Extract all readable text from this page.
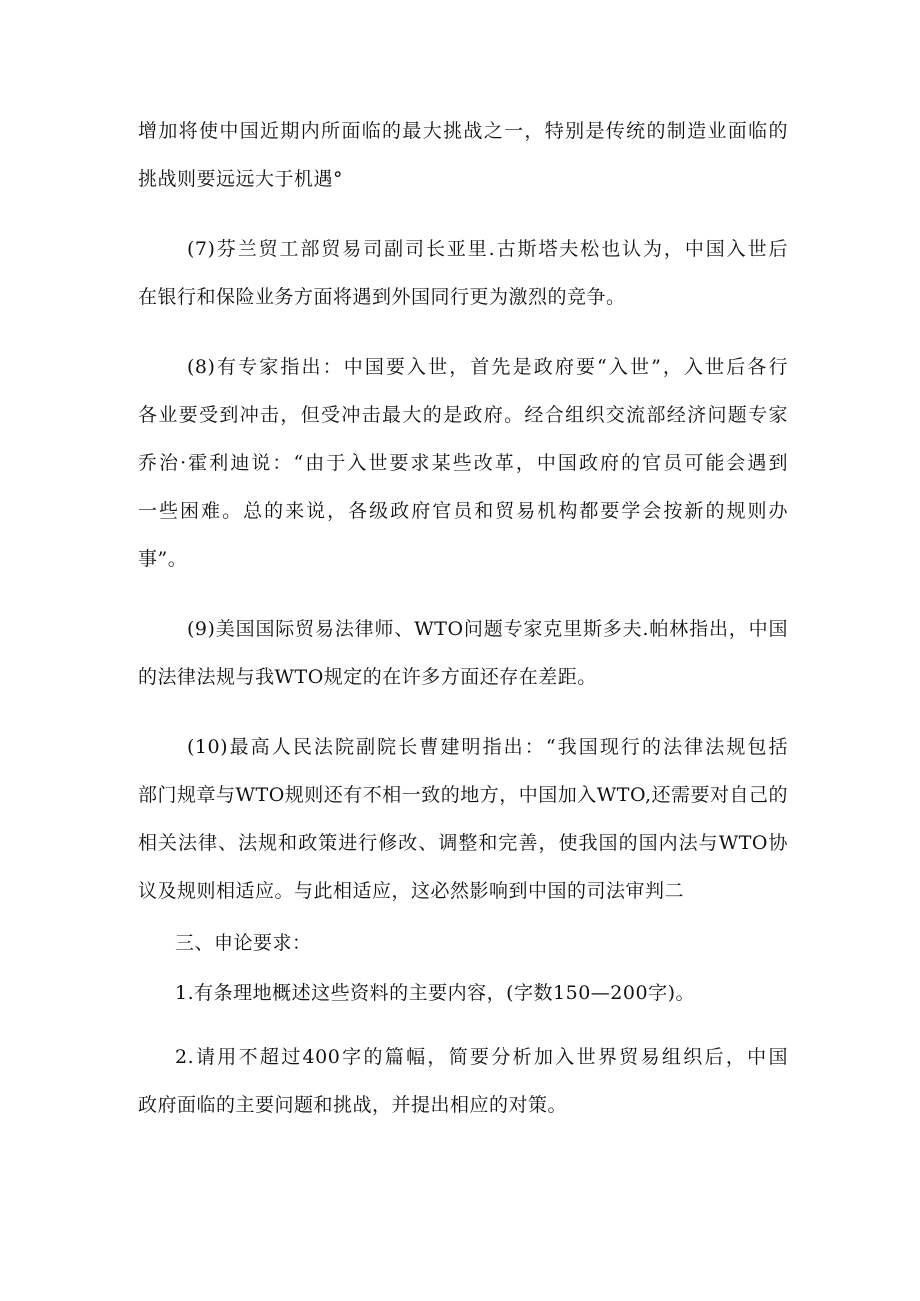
增加将使中国近期内所面临的最大挑战之一，特别是传统的制造业面临的
挑战则要远远大于机遇°
(7)芬兰贸工部贸易司副司长亚里.古斯塔夫松也认为，中国入世后
在银行和保险业务方面将遇到外国同行更为激烈的竞争。
(8)有专家指出：中国要入世，首先是政府要“入世”，入世后各行
各业要受到冲击，但受冲击最大的是政府。经合组织交流部经济问题专家
乔治·霍利迪说：“由于入世要求某些改革，中国政府的官员可能会遇到
一些困难。总的来说，各级政府官员和贸易机构都要学会按新的规则办
事”。
(9)美国国际贸易法律师、WTO问题专家克里斯多夫.帕林指出，中国
的法律法规与我WTO规定的在许多方面还存在差距。
(10)最高人民法院副院长曹建明指出：“我国现行的法律法规包括
部门规章与WTO规则还有不相一致的地方，中国加入WTO,还需要对自己的
相关法律、法规和政策进行修改、调整和完善，使我国的国内法与WTO协
议及规则相适应。与此相适应，这必然影响到中国的司法审判二
三、申论要求：
1.有条理地概述这些资料的主要内容，(字数150—200字)。
2.请用不超过400字的篇幅，简要分析加入世界贸易组织后，中国
政府面临的主要问题和挑战，并提出相应的对策。
